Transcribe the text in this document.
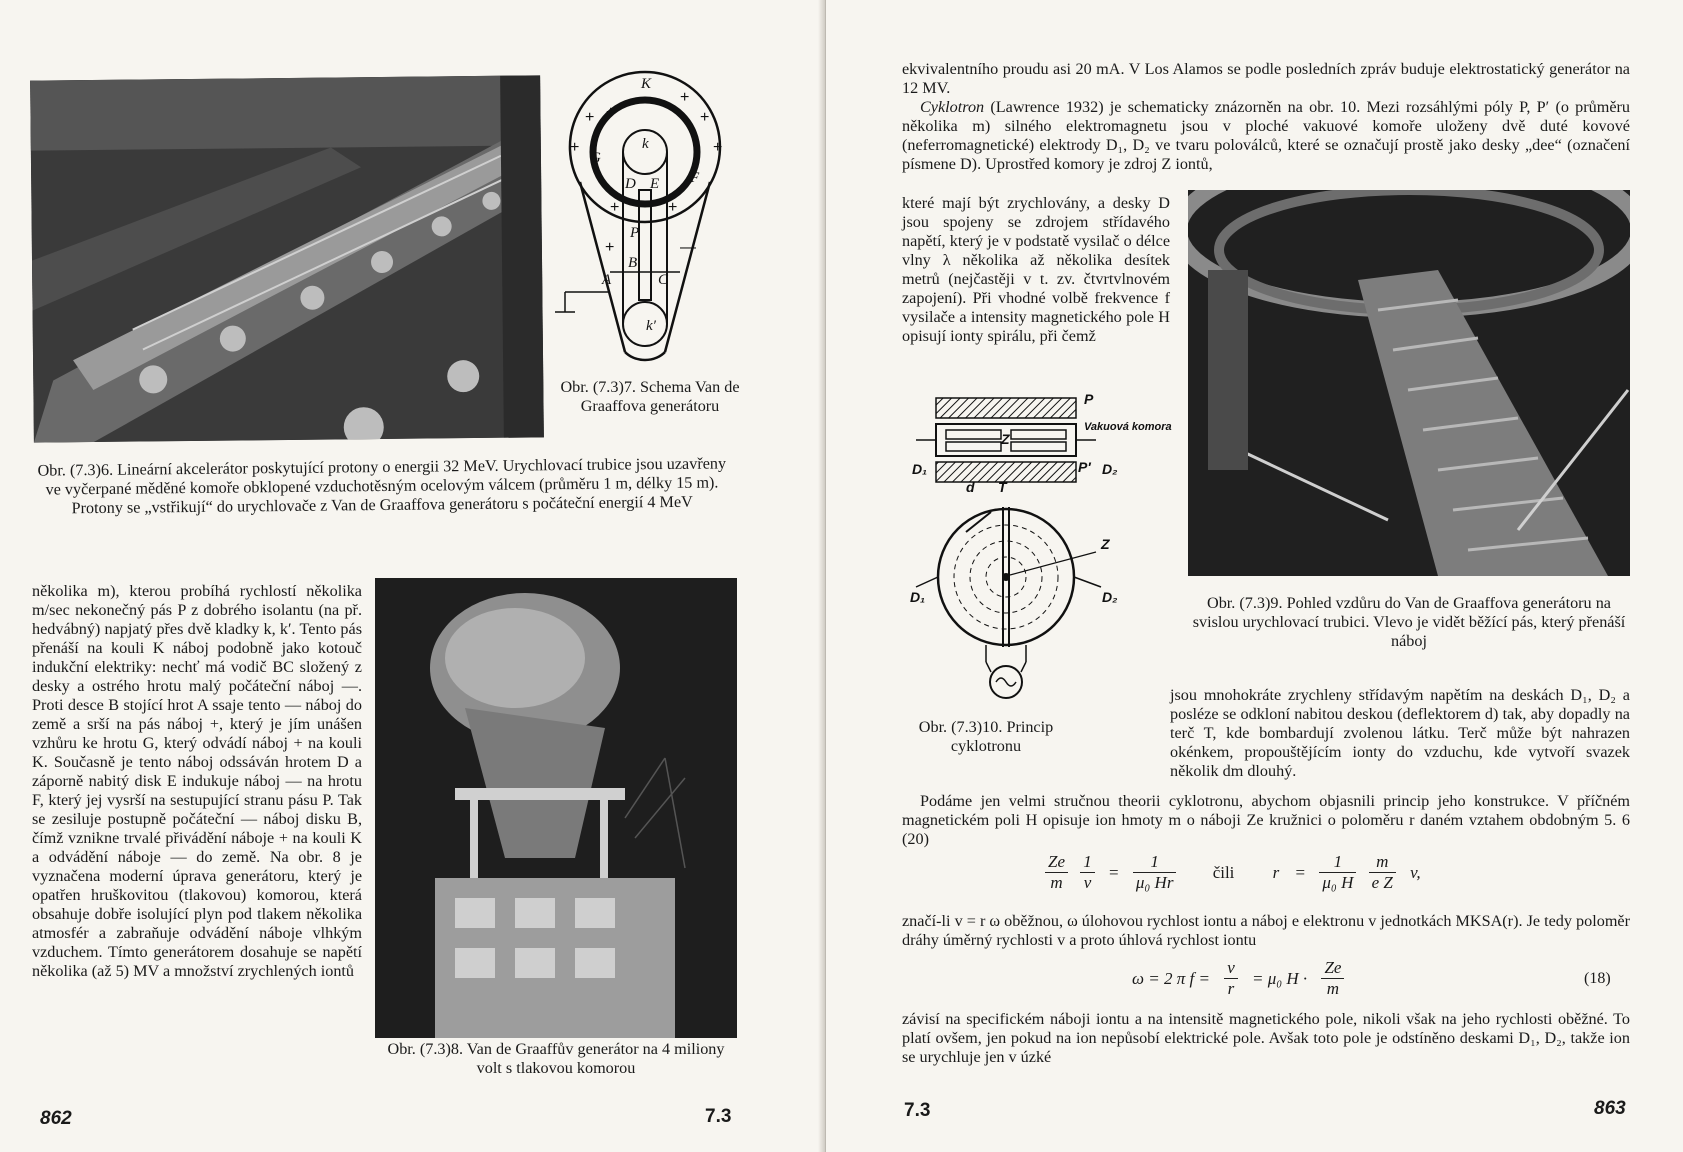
K
k
G
F
D E
P
A
B
C
k′
+	+
+	+
+
+
+	+
+	—

Obr. (7.3)7. Schema Van de Graaffova generátoru

Obr. (7.3)6. Lineární akcelerátor poskytující protony o energii 32 MeV. Urychlovací trubice jsou uzavřeny ve vyčerpané měděné komoře obklopené vzduchotěsným ocelovým válcem (průměru 1 m, délky 15 m). Protony se „vstřikují“ do urychlovače z Van de Graaffova generátoru s počáteční energií 4 MeV

několika m), kterou probíhá rychlostí několika m/sec nekonečný pás P z dobrého isolantu (na př. hedvábný) napjatý přes dvě kladky k, k′. Tento pás přenáší na kouli K náboj podobně jako kotouč indukční elektriky: nechť má vodič BC složený z desky a ostrého hrotu malý počáteční náboj —. Proti desce B stojící hrot A ssaje tento — náboj do země a srší na pás náboj +, který je jím unášen vzhůru ke hrotu G, který odvádí náboj + na kouli K. Současně je tento náboj odssáván hrotem D a záporně nabitý disk E indukuje náboj — na hrotu F, který jej vysrší na sestupující stranu pásu P. Tak se zesiluje postupně počáteční — náboj disku B, čímž vznikne trvalé přivádění náboje + na kouli K a odvádění náboje — do země. Na obr. 8 je vyznačena moderní úprava generátoru, který je opatřen hruškovitou (tlakovou) komorou, která obsahuje dobře isolující plyn pod tlakem několika atmosfér a zabraňuje odvádění náboje vlhkým vzduchem. Tímto generátorem dosahuje se napětí několika (až 5) MV a množství zrychlených iontů

Obr. (7.3)8. Van de Graaffův generátor na 4 miliony volt s tlakovou komorou

862	7.3

ekvivalentního proudu asi 20 mA. V Los Alamos se podle posledních zpráv buduje elektrostatický generátor na 12 MV.

Cyklotron (Lawrence 1932) je schematicky znázorněn na obr. 10. Mezi rozsáhlými póly P, P′ (o průměru několika m) silného elektromagnetu jsou v ploché vakuové komoře uloženy dvě duté kovové (neferromagnetické) elektrody D₁, D₂ ve tvaru poloválců, které se označují prostě jako desky „dee“ (označení písmene D). Uprostřed komory je zdroj Z iontů,

které mají být zrychlovány, a desky D jsou spojeny se zdrojem střídavého napětí, který je v podstatě vysilač o délce vlny λ několika až několika desítek metrů (nejčastěji v t. zv. čtvrtvlnovém zapojení). Při vhodné volbě frekvence f vysilače a intensity magnetického pole H opisují ionty spirálu, při čemž

P
P′
D₁	D₂
Z
Vakuová komora
d T
Z
D₁	D₂

Obr. (7.3)10. Princip cyklotronu

Obr. (7.3)9. Pohled vzdůru do Van de Graaffova generátoru na svislou urychlovací trubici. Vlevo je vidět běžící pás, který přenáší náboj

jsou mnohokráte zrychleny střídavým napětím na deskách D₁, D₂ a posléze se odkloní nabitou deskou (deflektorem d) tak, aby dopadly na terč T, kde bombardují zvolenou látku. Terč může být nahrazen okénkem, propouštějícím ionty do vzduchu, kde vytvoří svazek několik dm dlouhý.

Podáme jen velmi stručnou theorii cyklotronu, abychom objasnili princip jeho konstrukce. V příčném magnetickém poli H opisuje ion hmoty m o náboji Ze kružnici o poloměru r daném vztahem obdobným 5. 6 (20)

$\frac{Ze}{m}$
$\frac{1}{v} = \frac{1}{\text{μ₀ Hr}}$ čili $r = \frac{1}{\text{μ₀ H}}$
$\frac{m}{\text{e Z}} v$,

značí-li v = r ω oběžnou, ω úlohovou rychlost iontu a náboj e elektronu v jednotkách MKSA(r). Je tedy poloměr dráhy úměrný rychlosti v a proto úhlová rychlost iontu

ω = 2 π $f = \frac{v}{r} = \mu_0$ $H \cdot \frac{Ze}{m}$	(18)

závisí na specifickém náboji iontu a na intensitě magnetického pole, nikoli však na jeho rychlosti oběžné. To platí ovšem, jen pokud na ion nepůsobí elektrické pole. Avšak toto pole je odstíněno deskami D₁, D₂, takže ion se urychluje jen v úzké

7.3	863
